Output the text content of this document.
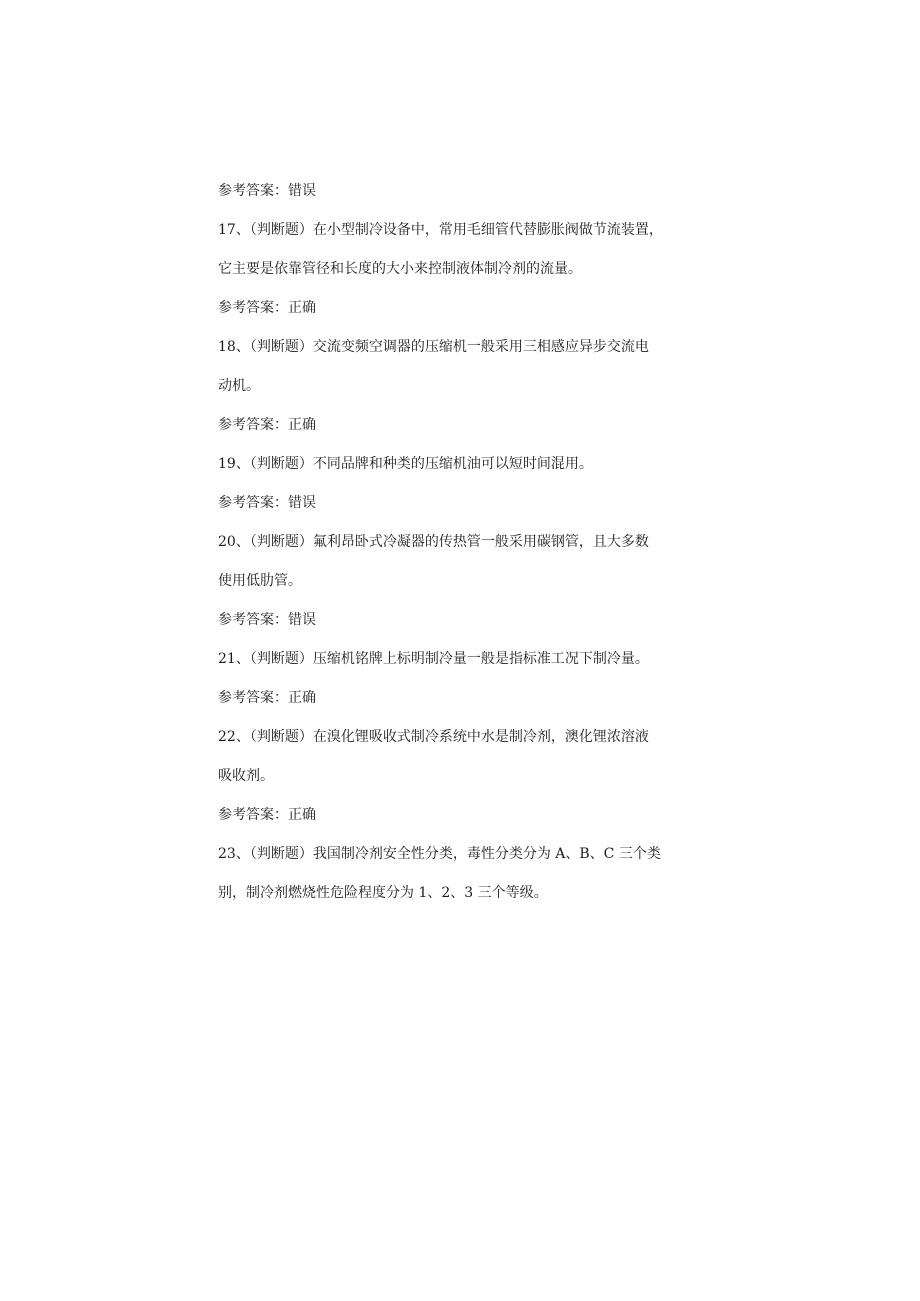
参考答案：错误
17、（判断题）在小型制冷设备中，常用毛细管代替膨胀阀做节流装置，
它主要是依靠管径和长度的大小来控制液体制冷剂的流量。
参考答案：正确
18、（判断题）交流变频空调器的压缩机一般采用三相感应异步交流电
动机。
参考答案：正确
19、（判断题）不同品牌和种类的压缩机油可以短时间混用。
参考答案：错误
20、（判断题）氟利昂卧式冷凝器的传热管一般采用碳钢管，且大多数
使用低肋管。
参考答案：错误
21、（判断题）压缩机铭牌上标明制冷量一般是指标准工况下制冷量。
参考答案：正确
22、（判断题）在溴化锂吸收式制冷系统中水是制冷剂，澳化锂浓溶液
吸收剂。
参考答案：正确
23、（判断题）我国制冷剂安全性分类，毒性分类分为 A、B、C 三个类
别，制冷剂燃烧性危险程度分为 1、2、3 三个等级。
